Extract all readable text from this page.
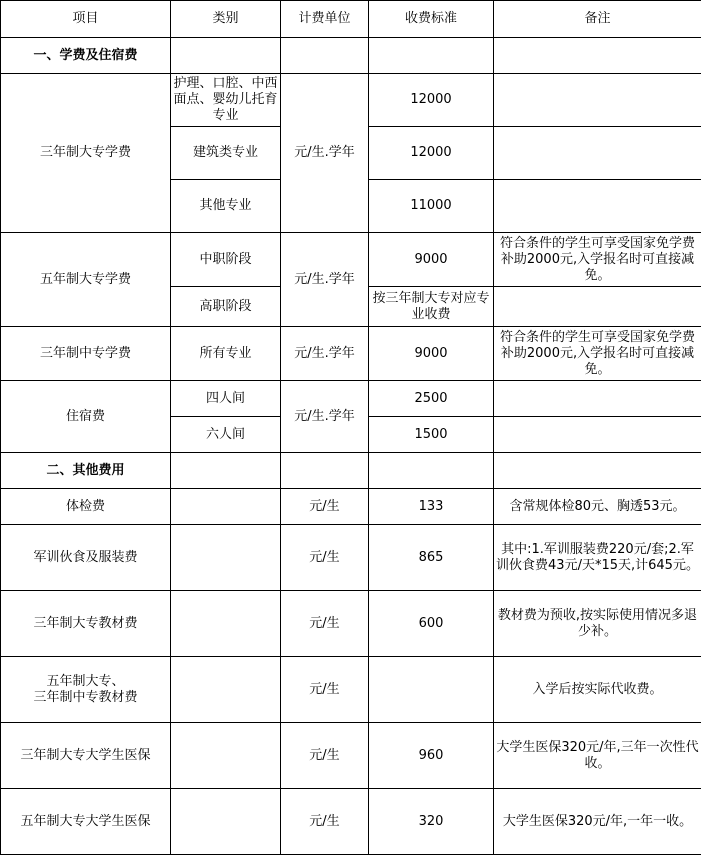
项目	类别	计费单位	收费标准	备注
一、学费及住宿费				
三年制大专学费	护理、口腔、中西面点、婴幼儿托育专业	元/生.学年	12000	
	建筑类专业		12000	
	其他专业		11000	
五年制大专学费	中职阶段	元/生.学年	9000	符合条件的学生可享受国家免学费补助2000元,入学报名时可直接减免。
	高职阶段		按三年制大专对应专业收费	
三年制中专学费	所有专业	元/生.学年	9000	符合条件的学生可享受国家免学费补助2000元,入学报名时可直接减免。
住宿费	四人间	元/生.学年	2500	
	六人间		1500	
二、其他费用				
体检费		元/生	133	含常规体检80元、胸透53元。
军训伙食及服装费		元/生	865	其中:1.军训服装费220元/套;2.军训伙食费43元/天*15天,计645元。
三年制大专教材费		元/生	600	教材费为预收,按实际使用情况多退少补。

五年制大专、
三年制中专教材费		元/生		入学后按实际代收费。
三年制大专大学生医保		元/生	960	大学生医保320元/年,三年一次性代收。
五年制大专大学生医保		元/生	320	大学生医保320元/年,一年一收。
